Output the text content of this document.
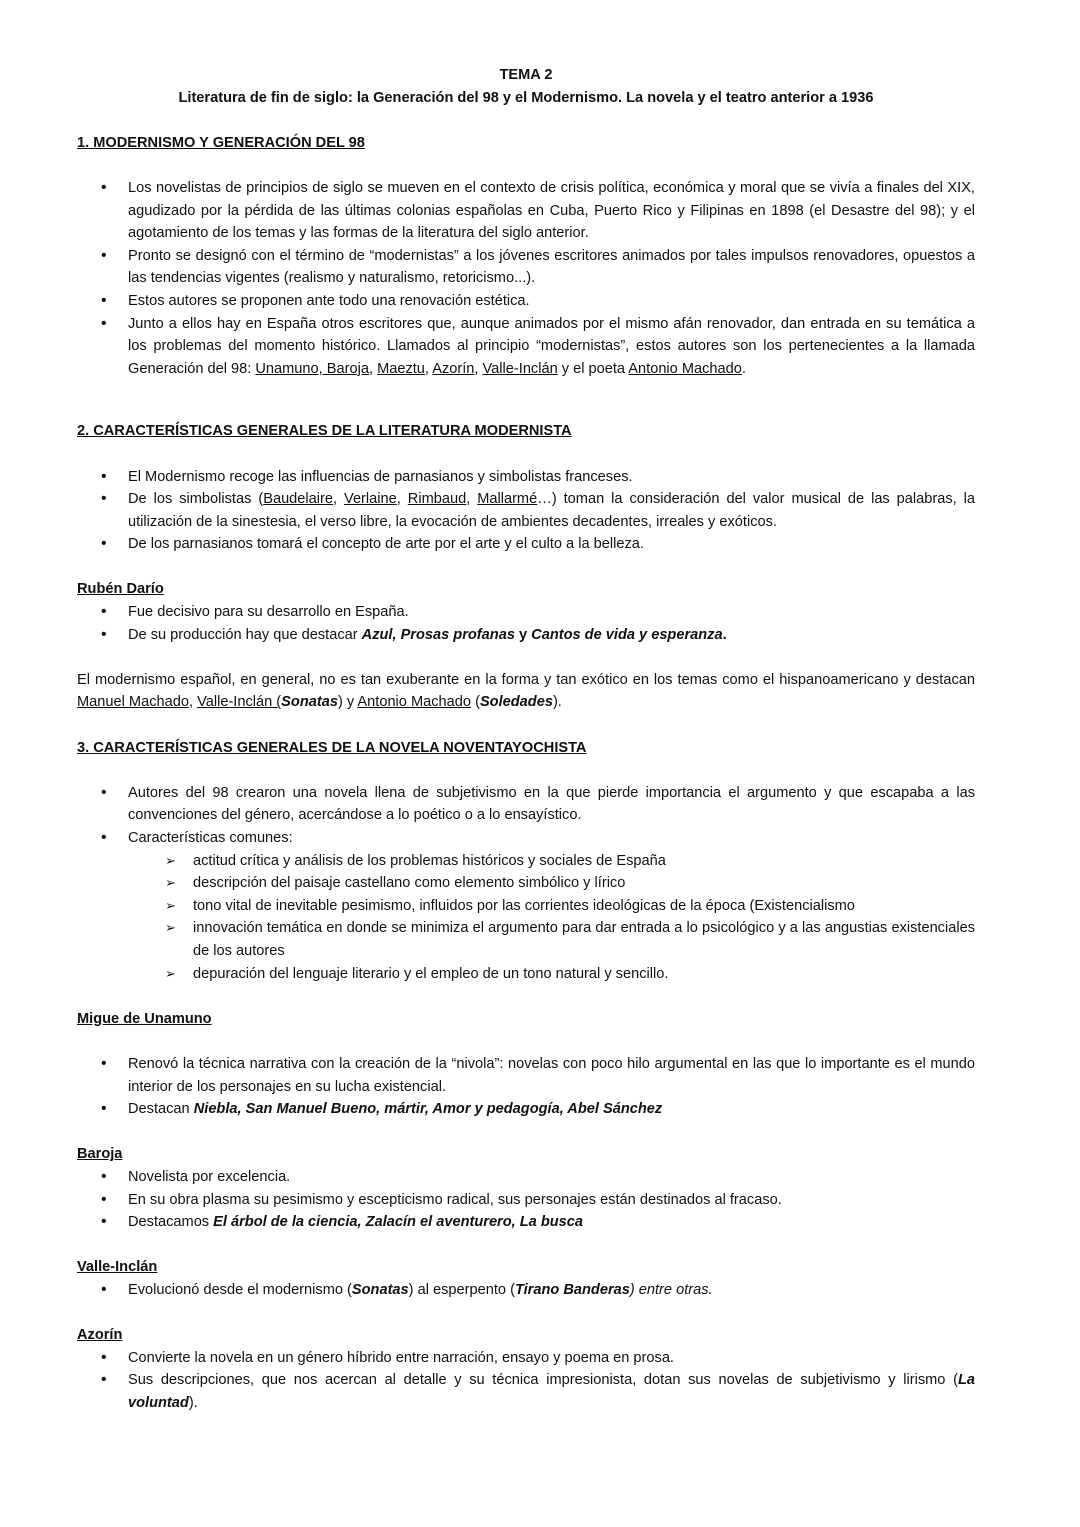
TEMA 2
Literatura de fin de siglo: la Generación del 98 y el Modernismo. La novela y el teatro anterior a 1936
1. MODERNISMO Y GENERACIÓN DEL 98
• Los novelistas de principios de siglo se mueven en el contexto de crisis política, económica y moral que se vivía a finales del XIX, agudizado por la pérdida de las últimas colonias españolas en Cuba, Puerto Rico y Filipinas en 1898 (el Desastre del 98); y el agotamiento de los temas y las formas de la literatura del siglo anterior.
• Pronto se designó con el término de “modernistas” a los jóvenes escritores animados por tales impulsos renovadores, opuestos a las tendencias vigentes (realismo y naturalismo, retoricismo...).
• Estos autores se proponen ante todo una renovación estética.
• Junto a ellos hay en España otros escritores que, aunque animados por el mismo afán renovador, dan entrada en su temática a los problemas del momento histórico. Llamados al principio “modernistas”, estos autores son los pertenecientes a la llamada Generación del 98: Unamuno, Baroja, Maeztu, Azorín, Valle-Inclán y el poeta Antonio Machado.
2. CARACTERÍSTICAS GENERALES DE LA LITERATURA MODERNISTA
• El Modernismo recoge las influencias de parnasianos y simbolistas franceses.
• De los simbolistas (Baudelaire, Verlaine, Rimbaud, Mallarmé…) toman la consideración del valor musical de las palabras, la utilización de la sinestesia, el verso libre, la evocación de ambientes decadentes, irreales y exóticos.
• De los parnasianos tomará el concepto de arte por el arte y el culto a la belleza.
Rubén Darío
• Fue decisivo para su desarrollo en España.
• De su producción hay que destacar Azul, Prosas profanas y Cantos de vida y esperanza.
El modernismo español, en general, no es tan exuberante en la forma y tan exótico en los temas como el hispanoamericano y destacan Manuel Machado, Valle-Inclán (Sonatas) y Antonio Machado (Soledades).
3. CARACTERÍSTICAS GENERALES DE LA NOVELA NOVENTAYOCHISTA
• Autores del 98 crearon una novela llena de subjetivismo en la que pierde importancia el argumento y que escapaba a las convenciones del género, acercándose a lo poético o a lo ensayístico.
• Características comunes:
➢ actitud crítica y análisis de los problemas históricos y sociales de España
➢ descripción del paisaje castellano como elemento simbólico y lírico
➢ tono vital de inevitable pesimismo, influidos por las corrientes ideológicas de la época (Existencialismo
➢ innovación temática en donde se minimiza el argumento para dar entrada a lo psicológico y a las angustias existenciales de los autores
➢ depuración del lenguaje literario y el empleo de un tono natural y sencillo.
Migue de Unamuno
• Renovó la técnica narrativa con la creación de la “nivola”: novelas con poco hilo argumental en las que lo importante es el mundo interior de los personajes en su lucha existencial.
• Destacan Niebla, San Manuel Bueno, mártir, Amor y pedagogía, Abel Sánchez
Baroja
• Novelista por excelencia.
• En su obra plasma su pesimismo y escepticismo radical, sus personajes están destinados al fracaso.
• Destacamos El árbol de la ciencia, Zalacín el aventurero, La busca
Valle-Inclán
• Evolucionó desde el modernismo (Sonatas) al esperpento (Tirano Banderas) entre otras.
Azorín
• Convierte la novela en un género híbrido entre narración, ensayo y poema en prosa.
• Sus descripciones, que nos acercan al detalle y su técnica impresionista, dotan sus novelas de subjetivismo y lirismo (La voluntad).
